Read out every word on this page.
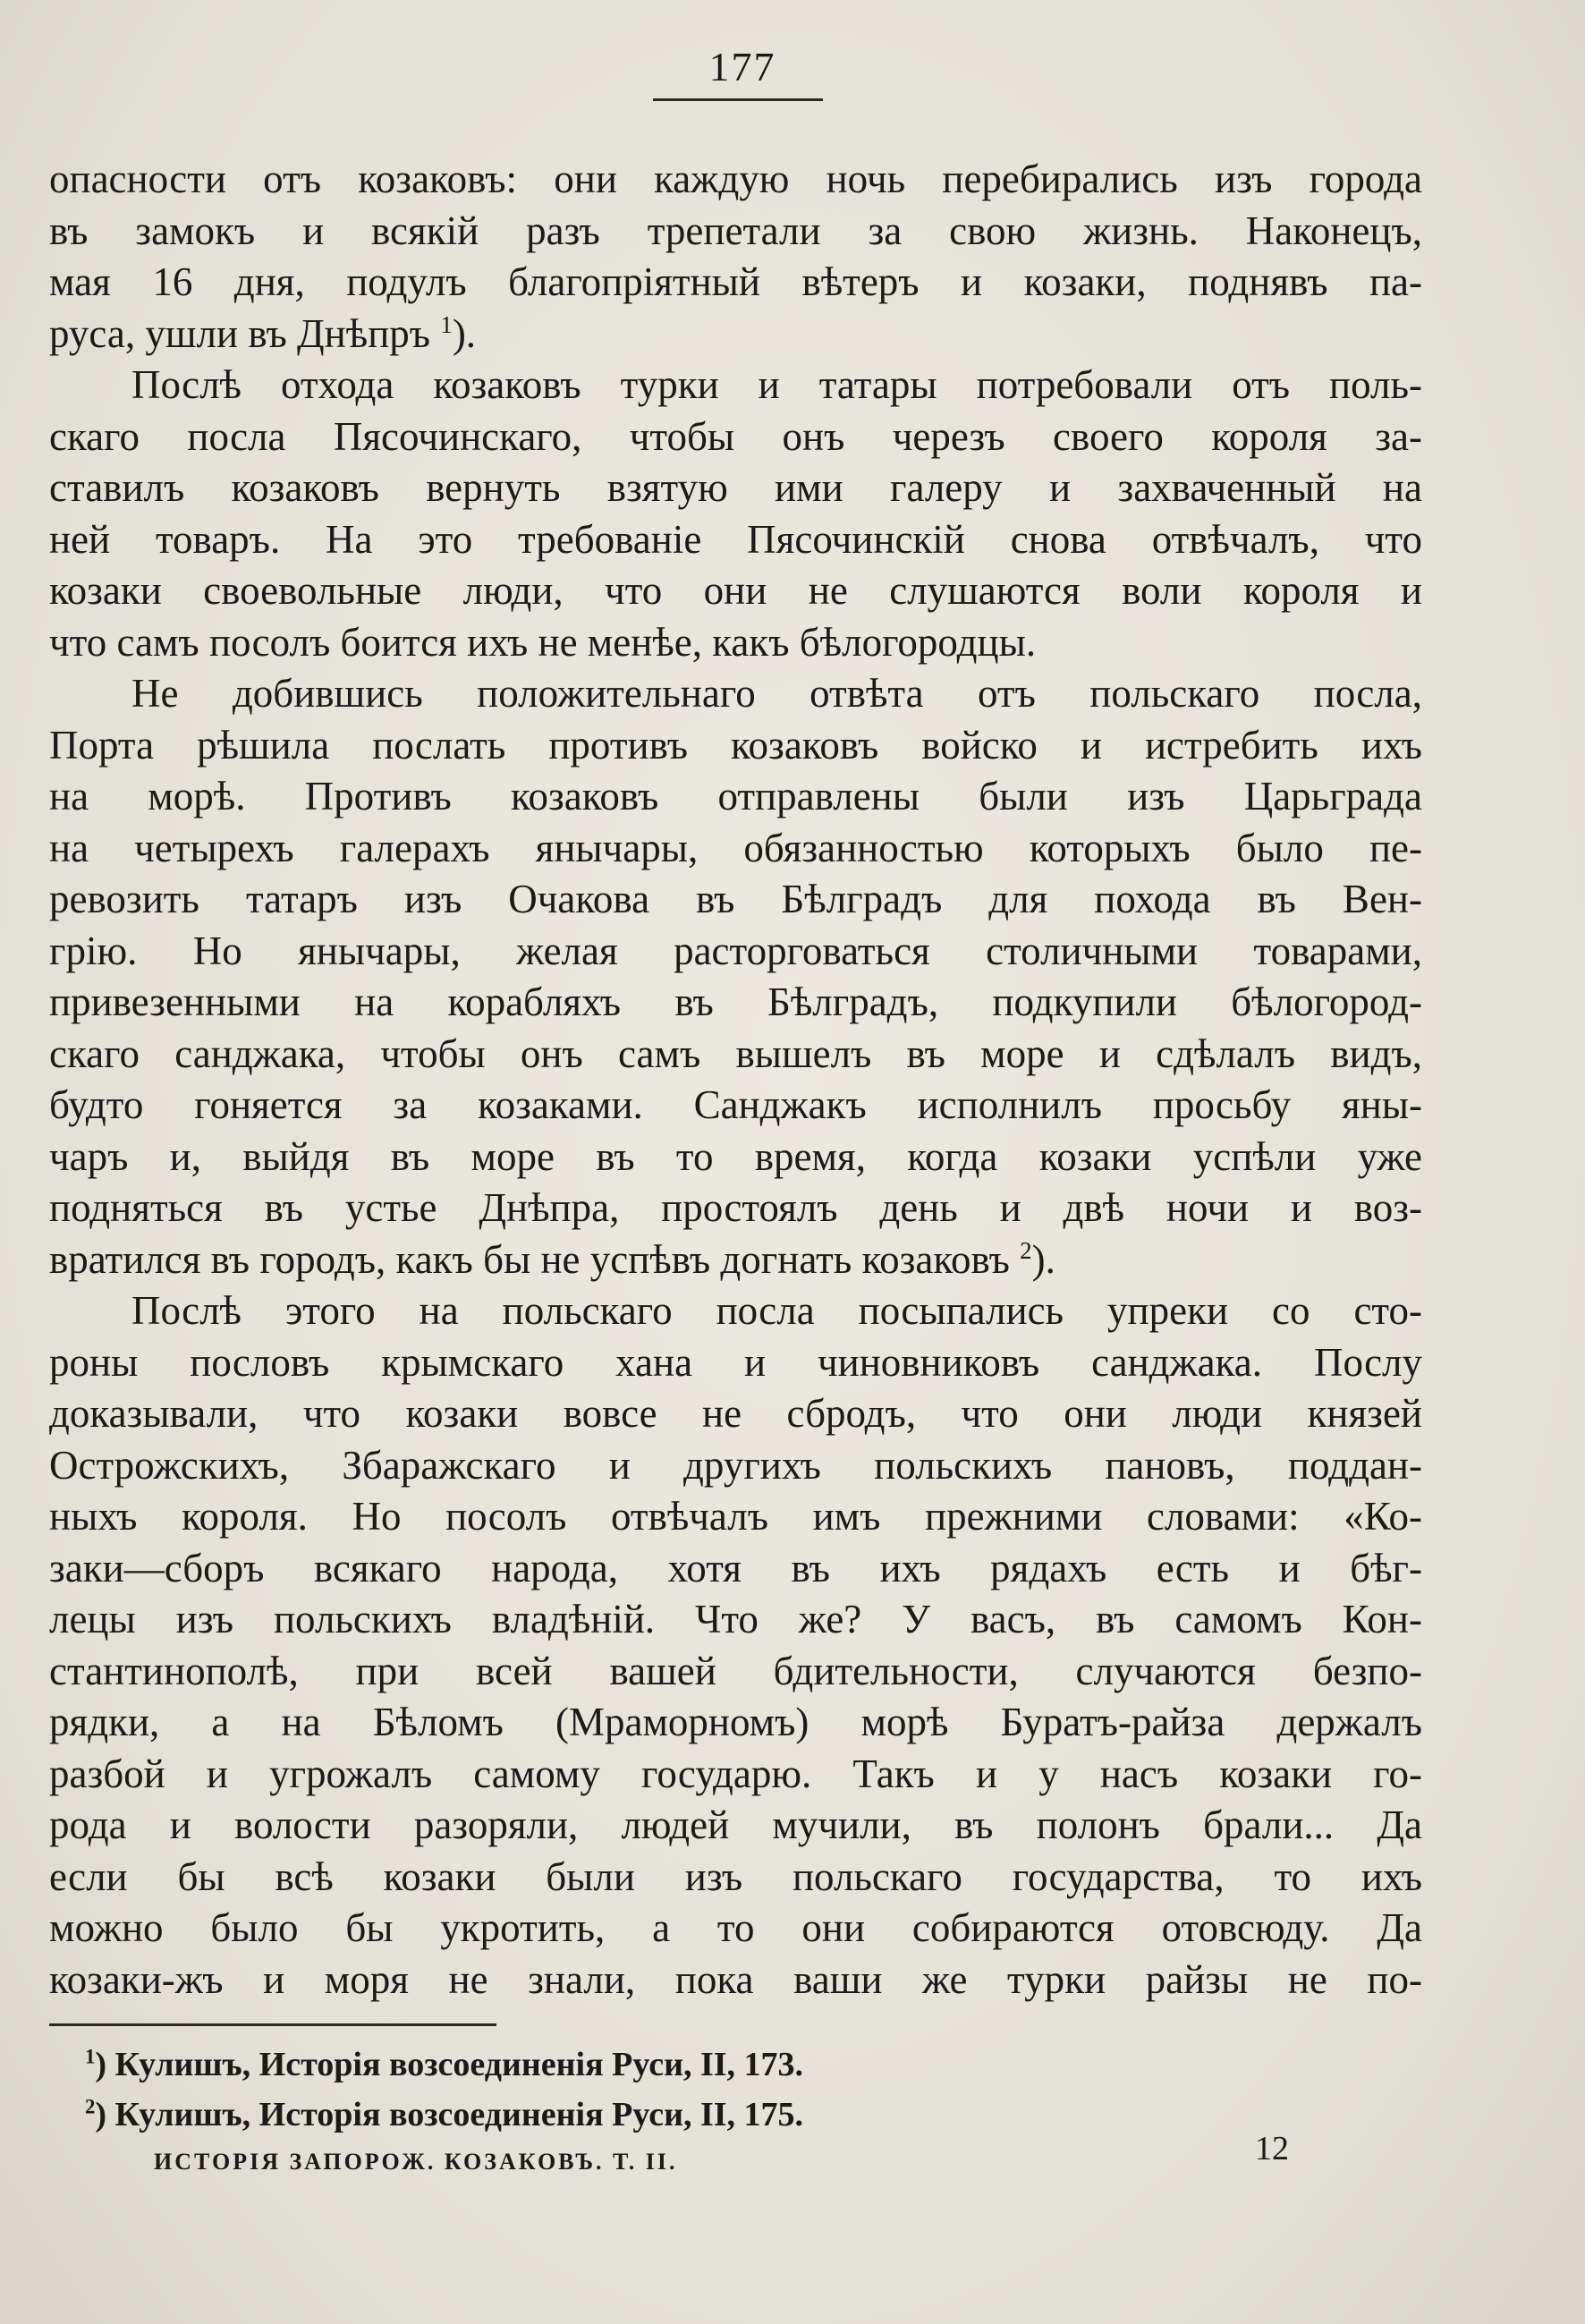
177
опасности отъ козаковъ: они каждую ночь перебирались изъ города
въ замокъ и всякій разъ трепетали за свою жизнь. Наконецъ,
мая 16 дня, подулъ благопріятный вѣтеръ и козаки, поднявъ па-
руса, ушли въ Днѣпръ $^1$).
Послѣ отхода козаковъ турки и татары потребовали отъ поль-
скаго посла Пясочинскаго, чтобы онъ черезъ своего короля за-
ставилъ козаковъ вернуть взятую ими галеру и захваченный на
ней товаръ. На это требованіе Пясочинскій снова отвѣчалъ, что
козаки своевольные люди, что они не слушаются воли короля и
что самъ посолъ боится ихъ не менѣе, какъ бѣлогородцы.
Не добившись положительнаго отвѣта отъ польскаго посла,
Порта рѣшила послать противъ козаковъ войско и истребить ихъ
на морѣ. Противъ козаковъ отправлены были изъ Царьграда
на четырехъ галерахъ янычары, обязанностью которыхъ было пе-
ревозить татаръ изъ Очакова въ Бѣлградъ для похода въ Вен-
грію. Но янычары, желая расторговаться столичными товарами,
привезенными на корабляхъ въ Бѣлградъ, подкупили бѣлогород-
скаго санджака, чтобы онъ самъ вышелъ въ море и сдѣлалъ видъ,
будто гоняется за козаками. Санджакъ исполнилъ просьбу яны-
чаръ и, выйдя въ море въ то время, когда козаки успѣли уже
подняться въ устье Днѣпра, простоялъ день и двѣ ночи и воз-
вратился въ городъ, какъ бы не успѣвъ догнать козаковъ $^2$).
Послѣ этого на польскаго посла посыпались упреки со сто-
роны пословъ крымскаго хана и чиновниковъ санджака. Послу
доказывали, что козаки вовсе не сбродъ, что они люди князей
Острожскихъ, Збаражскаго и другихъ польскихъ пановъ, поддан-
ныхъ короля. Но посолъ отвѣчалъ имъ прежними словами: «Ко-
заки—сборъ всякаго народа, хотя въ ихъ рядахъ есть и бѣг-
лецы изъ польскихъ владѣній. Что же? У васъ, въ самомъ Кон-
стантинополѣ, при всей вашей бдительности, случаются безпо-
рядки, а на Бѣломъ (Мраморномъ) морѣ Буратъ-райза держалъ
разбой и угрожалъ самому государю. Такъ и у насъ козаки го-
рода и волости разоряли, людей мучили, въ полонъ брали... Да
если бы всѣ козаки были изъ польскаго государства, то ихъ
можно было бы укротить, а то они собираются отовсюду. Да
козаки-жъ и моря не знали, пока ваши же турки райзы не по-
$^1$) Кулишъ, Исторія возсоединенія Руси, II, 173.
$^2$) Кулишъ, Исторія возсоединенія Руси, II, 175.
ИСТОРІЯ ЗАПОРОЖ. КОЗАКОВЪ. Т. II.	12
